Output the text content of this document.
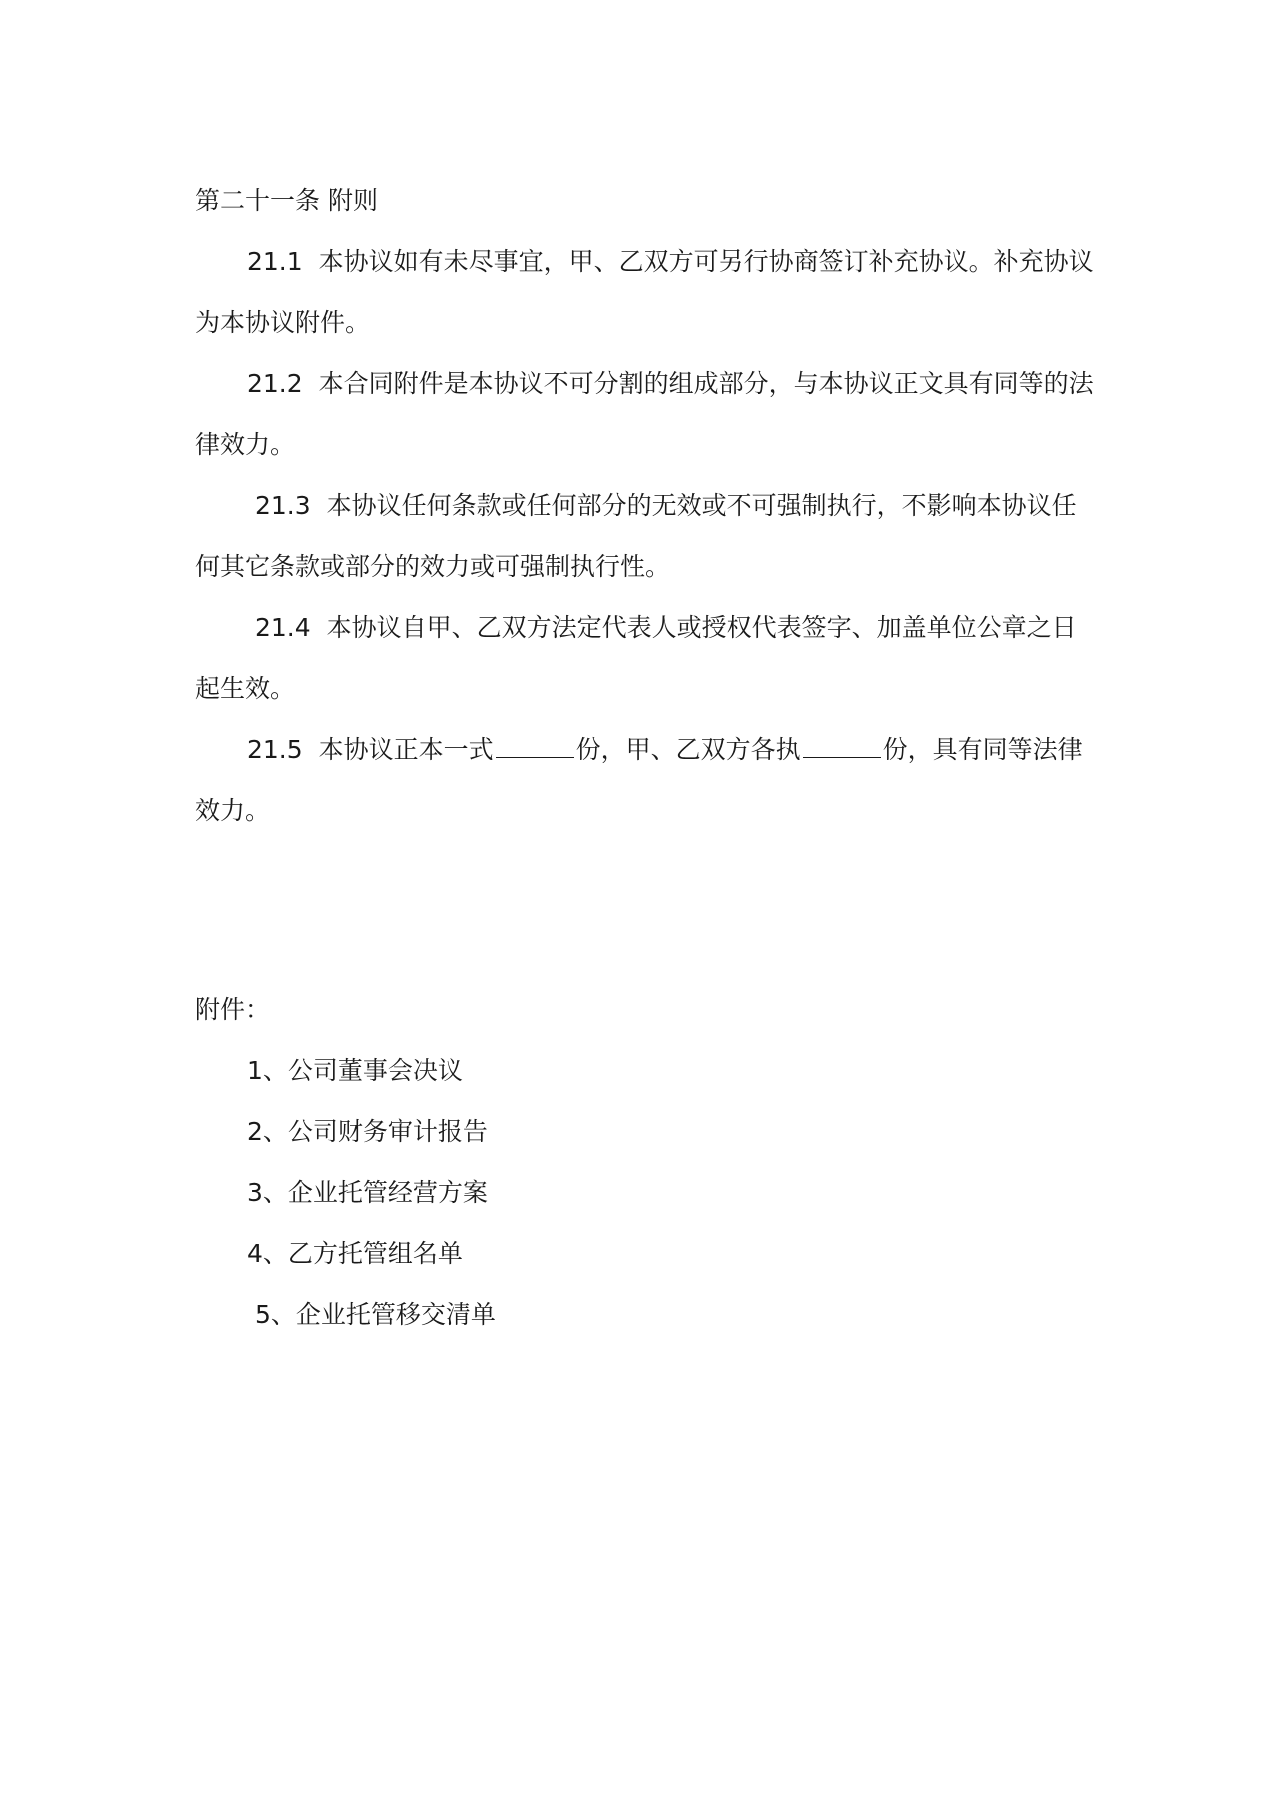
第二十一条 附则

21.1 本协议如有未尽事宜，甲、乙双方可另行协商签订补充协议。补充协议为本协议附件。

21.2 本合同附件是本协议不可分割的组成部分，与本协议正文具有同等的法律效力。

21.3 本协议任何条款或任何部分的无效或不可强制执行，不影响本协议任何其它条款或部分的效力或可强制执行性。

21.4 本协议自甲、乙双方法定代表人或授权代表签字、加盖单位公章之日起生效。

21.5 本协议正本一式	份，甲、乙双方各执	份，具有同等法律效力。

附件：

1、公司董事会决议
2、公司财务审计报告
3、企业托管经营方案
4、乙方托管组名单
5、企业托管移交清单
